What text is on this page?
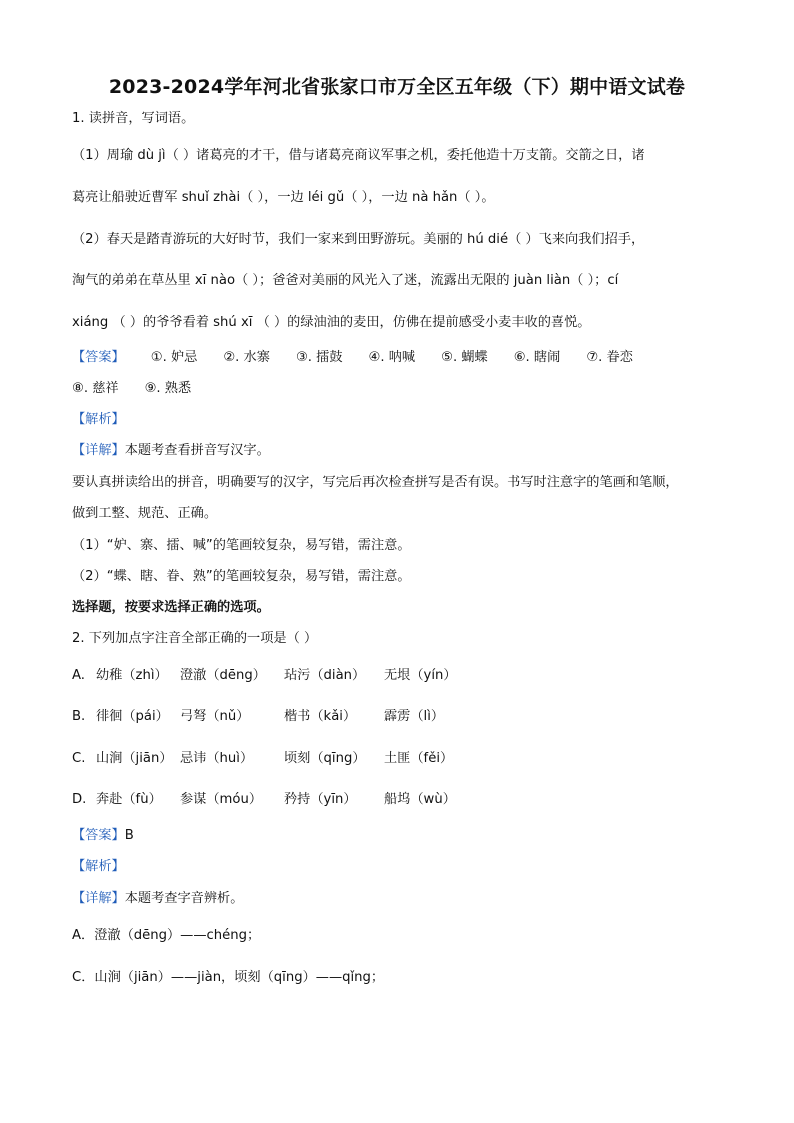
2023-2024学年河北省张家口市万全区五年级（下）期中语文试卷
1. 读拼音，写词语。
（1）周瑜 dù jì（ ）诸葛亮的才干，借与诸葛亮商议军事之机，委托他造十万支箭。交箭之日，诸
葛亮让船驶近曹军 shuǐ zhài（ ），一边 léi gǔ（ ），一边 nà hǎn（ ）。
（2）春天是踏青游玩的大好时节，我们一家来到田野游玩。美丽的 hú dié（ ）飞来向我们招手，
淘气的弟弟在草丛里 xī nào（ ）；爸爸对美丽的风光入了迷，流露出无限的 juàn liàn（ ）；cí
xiáng （ ）的爷爷看着 shú xī （ ）的绿油油的麦田，仿佛在提前感受小麦丰收的喜悦。
【答案】 ①. 妒忌 ②. 水寨 ③. 擂鼓 ④. 呐喊 ⑤. 蝴蝶 ⑥. 瞎闹 ⑦. 眷恋
⑧. 慈祥 ⑨. 熟悉
【解析】
【详解】本题考查看拼音写汉字。
要认真拼读给出的拼音，明确要写的汉字，写完后再次检查拼写是否有误。书写时注意字的笔画和笔顺，
做到工整、规范、正确。
（1）“妒、寨、擂、喊”的笔画较复杂，易写错，需注意。
（2）“蝶、瞎、眷、熟”的笔画较复杂，易写错，需注意。
选择题，按要求选择正确的选项。
2. 下列加点字注音全部正确的一项是（ ）
A. 幼稚（zhì） 澄澈（dēng） 玷污（diàn） 无垠（yín）
B. 徘徊（pái） 弓弩（nǔ）	楷书（kǎi） 霹雳（lì）
C. 山涧（jiān） 忌讳（huì） 顷刻（qīng） 土匪（fěi）
D. 奔赴（fù） 参谋（móu） 矜持（yīn） 船坞（wù）
【答案】B
【解析】
【详解】本题考查字音辨析。
A．澄澈（dēng）——chéng；
C．山涧（jiān）——jiàn，顷刻（qīng）——qǐng；
